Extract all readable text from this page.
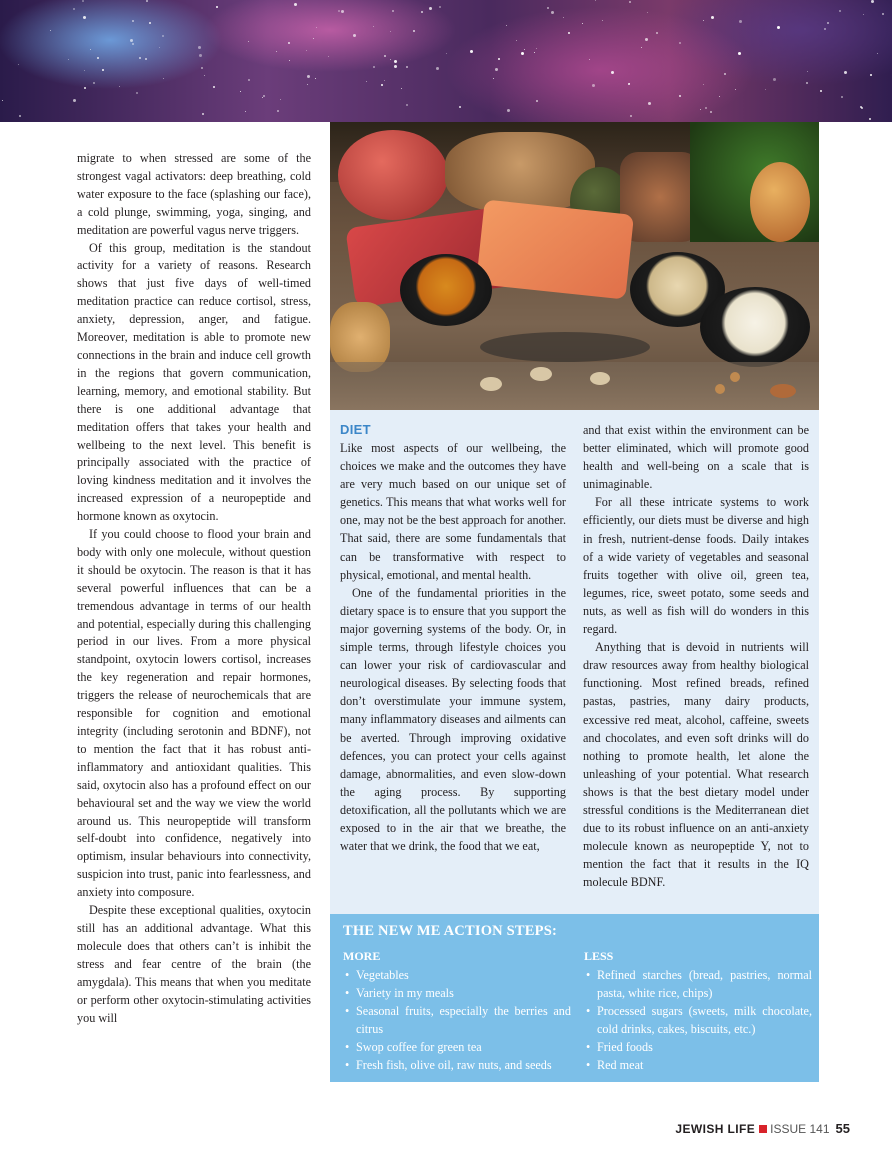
migrate to when stressed are some of the strongest vagal activators: deep breathing, cold water exposure to the face (splashing our face), a cold plunge, swimming, yoga, singing, and meditation are powerful vagus nerve triggers.

Of this group, meditation is the standout activity for a variety of reasons. Research shows that just five days of well-timed meditation practice can reduce cortisol, stress, anxiety, depression, anger, and fatigue. Moreover, meditation is able to promote new connections in the brain and induce cell growth in the regions that govern communication, learning, memory, and emotional stability. But there is one additional advantage that meditation offers that takes your health and wellbeing to the next level. This benefit is principally associated with the practice of loving kindness meditation and it involves the increased expression of a neuropeptide and hormone known as oxytocin.

If you could choose to flood your brain and body with only one molecule, without question it should be oxytocin. The reason is that it has several powerful influences that can be a tremendous advantage in terms of our health and potential, especially during this challenging period in our lives. From a more physical standpoint, oxytocin lowers cortisol, increases the key regeneration and repair hormones, triggers the release of neurochemicals that are responsible for cognition and emotional integrity (including serotonin and BDNF), not to mention the fact that it has robust anti-inflammatory and antioxidant qualities. This said, oxytocin also has a profound effect on our behavioural set and the way we view the world around us. This neuropeptide will transform self-doubt into confidence, negatively into optimism, insular behaviours into connectivity, suspicion into trust, panic into fearlessness, and anxiety into composure.

Despite these exceptional qualities, oxytocin still has an additional advantage. What this molecule does that others can’t is inhibit the stress and fear centre of the brain (the amygdala). This means that when you meditate or perform other oxytocin-stimulating activities you will

DIET

Like most aspects of our wellbeing, the choices we make and the outcomes they have are very much based on our unique set of genetics. This means that what works well for one, may not be the best approach for another. That said, there are some fundamentals that can be transformative with respect to physical, emotional, and mental health.

One of the fundamental priorities in the dietary space is to ensure that you support the major governing systems of the body. Or, in simple terms, through lifestyle choices you can lower your risk of cardiovascular and neurological diseases. By selecting foods that don’t overstimulate your immune system, many inflammatory diseases and ailments can be averted. Through improving oxidative defences, you can protect your cells against damage, abnormalities, and even slow-down the aging process. By supporting detoxification, all the pollutants which we are exposed to in the air that we breathe, the water that we drink, the food that we eat,

and that exist within the environment can be better eliminated, which will promote good health and well-being on a scale that is unimaginable.

For all these intricate systems to work efficiently, our diets must be diverse and high in fresh, nutrient-dense foods. Daily intakes of a wide variety of vegetables and seasonal fruits together with olive oil, green tea, legumes, rice, sweet potato, some seeds and nuts, as well as fish will do wonders in this regard.

Anything that is devoid in nutrients will draw resources away from healthy biological functioning. Most refined breads, refined pastas, pastries, many dairy products, excessive red meat, alcohol, caffeine, sweets and chocolates, and even soft drinks will do nothing to promote health, let alone the unleashing of your potential. What research shows is that the best dietary model under stressful conditions is the Mediterranean diet due to its robust influence on an anti-anxiety molecule known as neuropeptide Y, not to mention the fact that it results in the IQ molecule BDNF.

THE NEW ME ACTION STEPS:
MORE
• Vegetables
• Variety in my meals
• Seasonal fruits, especially the berries and citrus
• Swop coffee for green tea
• Fresh fish, olive oil, raw nuts, and seeds
LESS
• Refined starches (bread, pastries, normal pasta, white rice, chips)
• Processed sugars (sweets, milk chocolate, cold drinks, cakes, biscuits, etc.)
• Fried foods
• Red meat
JEWISH LIFE ISSUE 141 55
